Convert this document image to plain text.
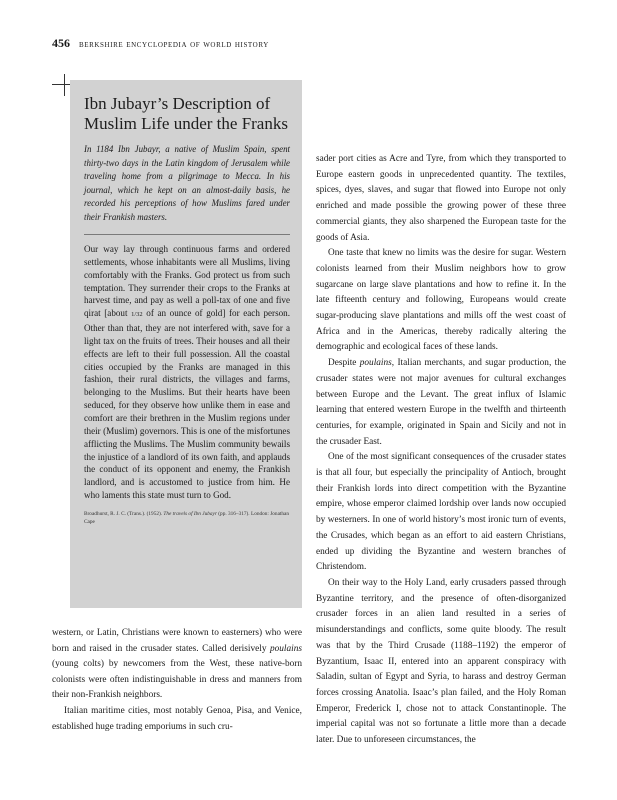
456 berkshire encyclopedia of world history
Ibn Jubayr’s Description of Muslim Life under the Franks

In 1184 Ibn Jubayr, a native of Muslim Spain, spent thirty-two days in the Latin kingdom of Jerusalem while traveling home from a pilgrimage to Mecca. In his journal, which he kept on an almost-daily basis, he recorded his perceptions of how Muslims fared under their Frankish masters.

Our way lay through continuous farms and ordered settlements, whose inhabitants were all Muslims, living comfortably with the Franks. God protect us from such temptation. They surrender their crops to the Franks at harvest time, and pay as well a poll-tax of one and five qirat [about 1/32 of an ounce of gold] for each person. Other than that, they are not interfered with, save for a light tax on the fruits of trees. Their houses and all their effects are left to their full possession. All the coastal cities occupied by the Franks are managed in this fashion, their rural districts, the villages and farms, belonging to the Muslims. But their hearts have been seduced, for they observe how unlike them in ease and comfort are their brethren in the Muslim regions under their (Muslim) governors. This is one of the misfortunes afflicting the Muslims. The Muslim community bewails the injustice of a landlord of its own faith, and applauds the conduct of its opponent and enemy, the Frankish landlord, and is accustomed to justice from him. He who laments this state must turn to God.

Broadhurst, R. J. C. (Trans.). (1952). The travels of Ibn Jubayr (pp. 316–317). London: Jonathan Cape

western, or Latin, Christians were known to easterners) who were born and raised in the crusader states. Called derisively poulains (young colts) by newcomers from the West, these native-born colonists were often indistinguishable in dress and manners from their non-Frankish neighbors.

Italian maritime cities, most notably Genoa, Pisa, and Venice, established huge trading emporiums in such cru-

sader port cities as Acre and Tyre, from which they transported to Europe eastern goods in unprecedented quantity. The textiles, spices, dyes, slaves, and sugar that flowed into Europe not only enriched and made possible the growing power of these three commercial giants, they also sharpened the European taste for the goods of Asia.

One taste that knew no limits was the desire for sugar. Western colonists learned from their Muslim neighbors how to grow sugarcane on large slave plantations and how to refine it. In the late fifteenth century and following, Europeans would create sugar-producing slave plantations and mills off the west coast of Africa and in the Americas, thereby radically altering the demographic and ecological faces of these lands.

Despite poulains, Italian merchants, and sugar production, the crusader states were not major avenues for cultural exchanges between Europe and the Levant. The great influx of Islamic learning that entered western Europe in the twelfth and thirteenth centuries, for example, originated in Spain and Sicily and not in the crusader East.

One of the most significant consequences of the crusader states is that all four, but especially the principality of Antioch, brought their Frankish lords into direct competition with the Byzantine empire, whose emperor claimed lordship over lands now occupied by westerners. In one of world history’s most ironic turn of events, the Crusades, which began as an effort to aid eastern Christians, ended up dividing the Byzantine and western branches of Christendom.

On their way to the Holy Land, early crusaders passed through Byzantine territory, and the presence of often-disorganized crusader forces in an alien land resulted in a series of misunderstandings and conflicts, some quite bloody. The result was that by the Third Crusade (1188–1192) the emperor of Byzantium, Isaac II, entered into an apparent conspiracy with Saladin, sultan of Egypt and Syria, to harass and destroy German forces crossing Anatolia. Isaac’s plan failed, and the Holy Roman Emperor, Frederick I, chose not to attack Constantinople. The imperial capital was not so fortunate a little more than a decade later. Due to unforeseen circumstances, the
